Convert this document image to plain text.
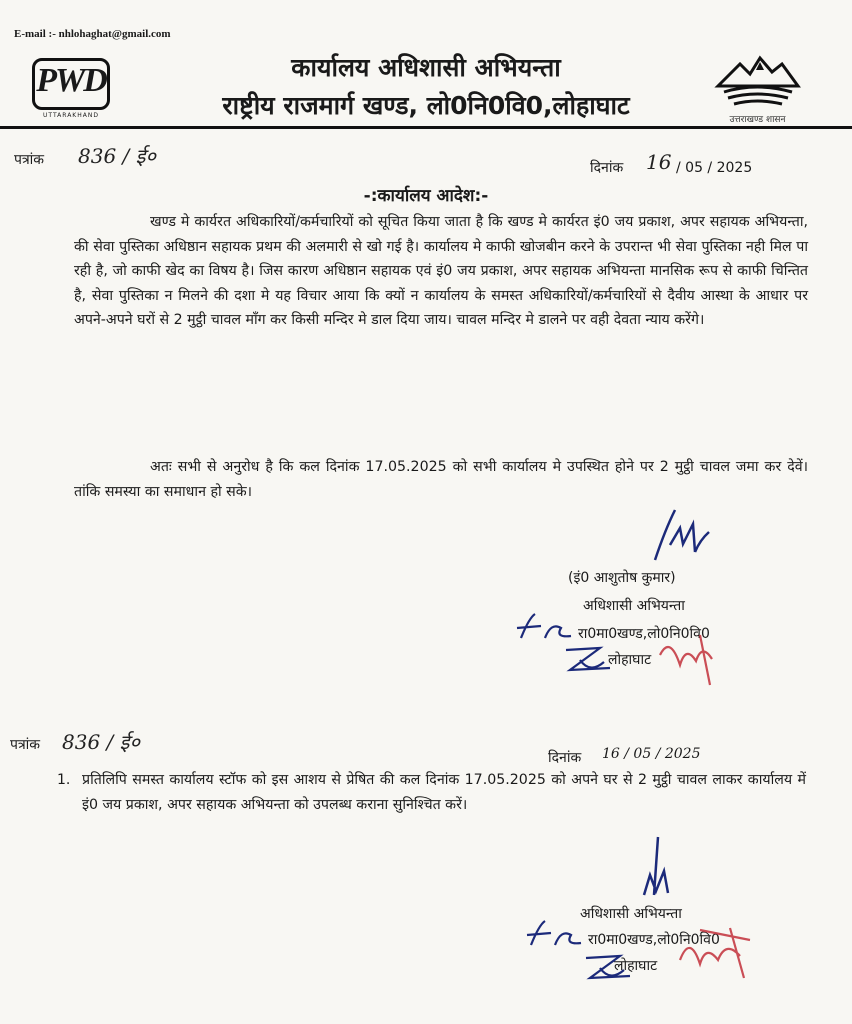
E-mail :- nhlohaghat@gmail.com
PWD
UTTARAKHAND	उत्तराखण्ड शासन
कार्यालय अधिशासी अभियन्ता
राष्ट्रीय राजमार्ग खण्ड, लो0नि0वि0,लोहाघाट
पत्रांक 836 / ई०	दिनांक 16 / 05 / 2025
-:कार्यालय आदेश:-
खण्ड मे कार्यरत अधिकारियों/कर्मचारियों को सूचित किया जाता है कि खण्ड मे कार्यरत इं0 जय प्रकाश, अपर सहायक अभियन्ता, की सेवा पुस्तिका अधिष्ठान सहायक प्रथम की अलमारी से खो गई है। कार्यालय मे काफी खोजबीन करने के उपरान्त भी सेवा पुस्तिका नही मिल पा रही है, जो काफी खेद का विषय है। जिस कारण अधिष्ठान सहायक एवं इं0 जय प्रकाश, अपर सहायक अभियन्ता मानसिक रूप से काफी चिन्तित है, सेवा पुस्तिका न मिलने की दशा मे यह विचार आया कि क्यों न कार्यालय के समस्त अधिकारियों/कर्मचारियों से दैवीय आस्था के आधार पर अपने-अपने घरों से 2 मुट्ठी चावल माँग कर किसी मन्दिर मे डाल दिया जाय। चावल मन्दिर मे डालने पर वही देवता न्याय करेंगे।
अतः सभी से अनुरोध है कि कल दिनांक 17.05.2025 को सभी कार्यालय मे उपस्थित होने पर 2 मुट्ठी चावल जमा कर देवें। तांकि समस्या का समाधान हो सके।
(इं0 आशुतोष कुमार)
अधिशासी अभियन्ता
रा0मा0खण्ड,लो0नि0वि0
लोहाघाट
पत्रांक 836 / ई०
दिनांक 16 / 05 / 2025
1. प्रतिलिपि समस्त कार्यालय स्टॉफ को इस आशय से प्रेषित की कल दिनांक 17.05.2025 को अपने घर से 2 मुट्ठी चावल लाकर कार्यालय में इं0 जय प्रकाश, अपर सहायक अभियन्ता को उपलब्ध कराना सुनिश्चित करें।
अधिशासी अभियन्ता
रा0मा0खण्ड,लो0नि0वि0
लोहाघाट
